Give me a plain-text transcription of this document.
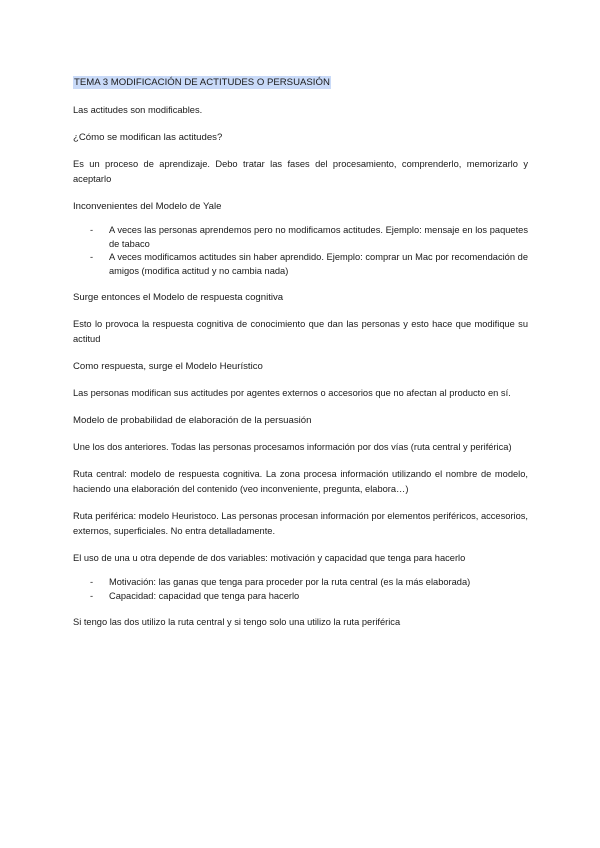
TEMA 3 MODIFICACIÓN DE ACTITUDES O PERSUASIÓN

Las actitudes son modificables.

¿Cómo se modifican las actitudes?

Es un proceso de aprendizaje. Debo tratar las fases del procesamiento, comprenderlo, memorizarlo y aceptarlo

Inconvenientes del Modelo de Yale

- A veces las personas aprendemos pero no modificamos actitudes. Ejemplo: mensaje en los paquetes de tabaco
- A veces modificamos actitudes sin haber aprendido. Ejemplo: comprar un Mac por recomendación de amigos (modifica actitud y no cambia nada)

Surge entonces el Modelo de respuesta cognitiva

Esto lo provoca la respuesta cognitiva de conocimiento que dan las personas y esto hace que modifique su actitud

Como respuesta, surge el Modelo Heurístico

Las personas modifican sus actitudes por agentes externos o accesorios que no afectan al producto en sí.

Modelo de probabilidad de elaboración de la persuasión

Une los dos anteriores. Todas las personas procesamos información por dos vías (ruta central y periférica)

Ruta central: modelo de respuesta cognitiva. La zona procesa información utilizando el nombre de modelo, haciendo una elaboración del contenido (veo inconveniente, pregunta, elabora…)

Ruta periférica: modelo Heuristoco. Las personas procesan información por elementos periféricos, accesorios, externos, superficiales. No entra detalladamente.

El uso de una u otra depende de dos variables: motivación y capacidad que tenga para hacerlo

- Motivación: las ganas que tenga para proceder por la ruta central (es la más elaborada)
- Capacidad: capacidad que tenga para hacerlo

Si tengo las dos utilizo la ruta central y si tengo solo una utilizo la ruta periférica
